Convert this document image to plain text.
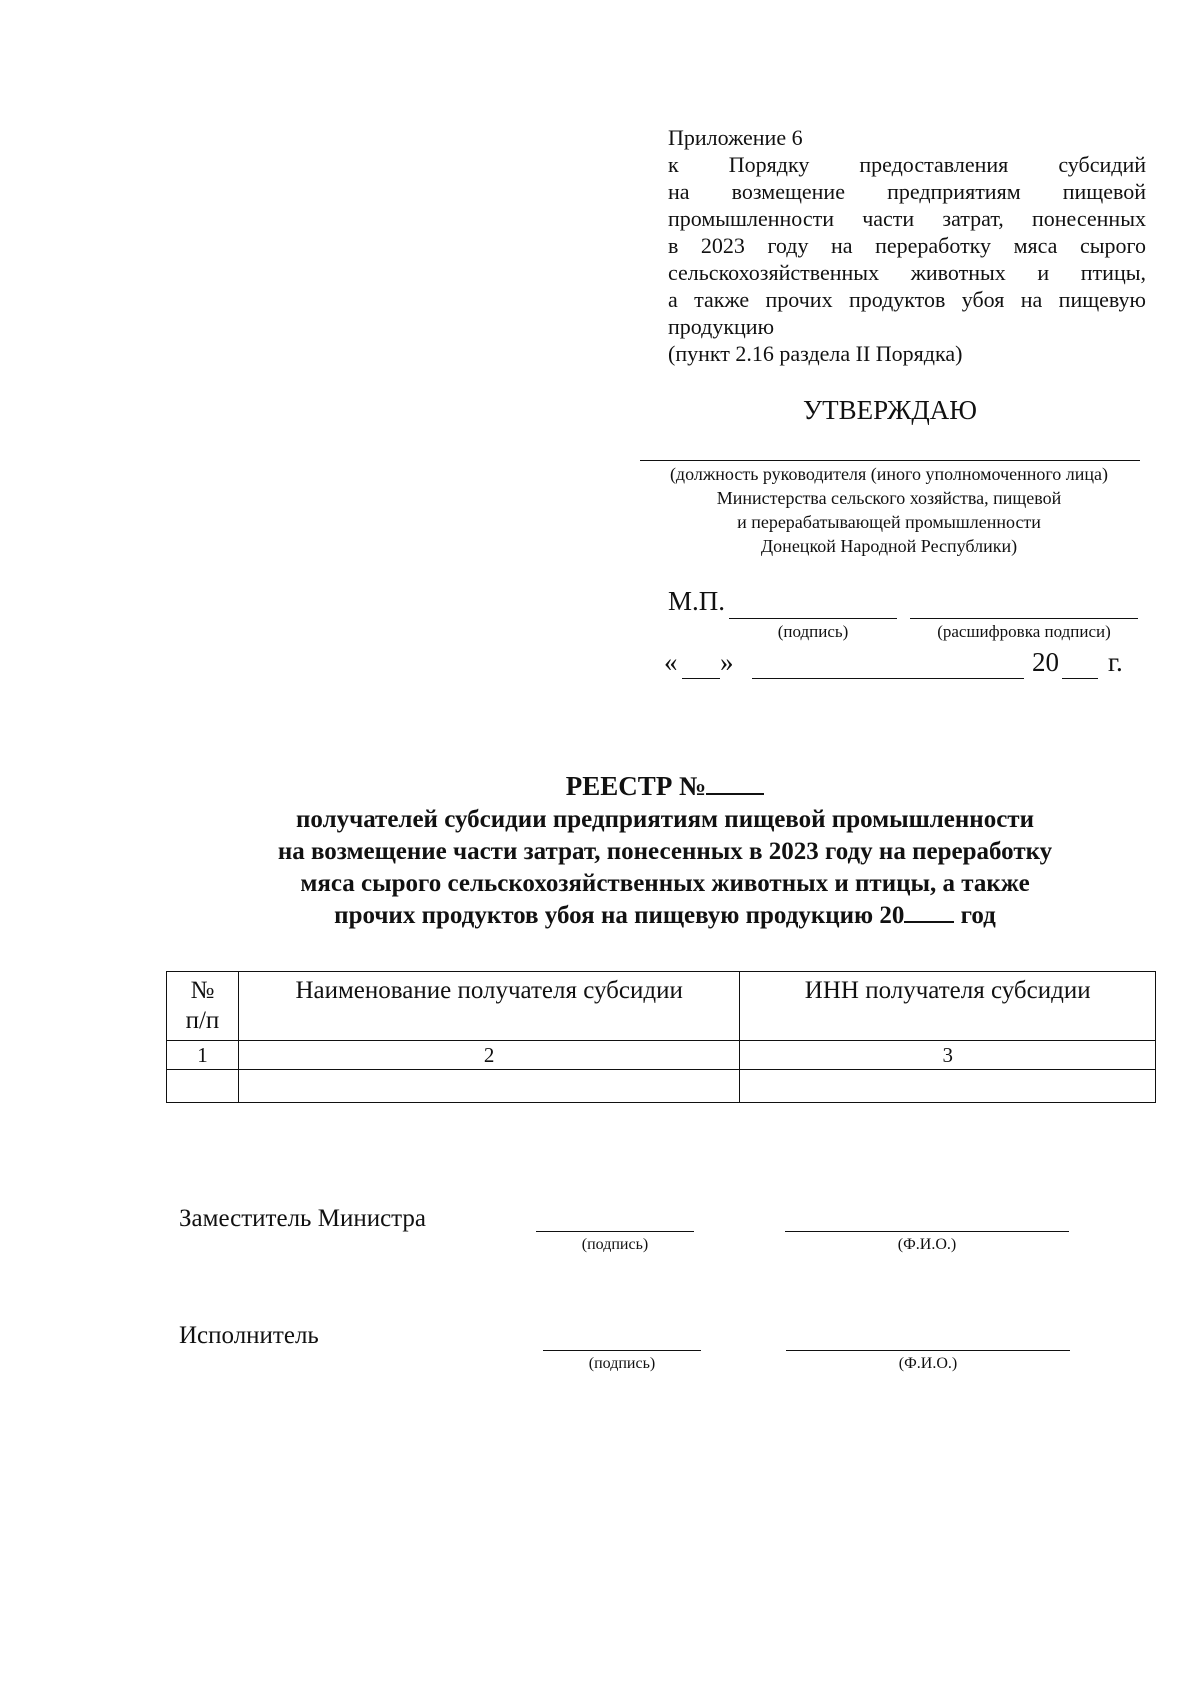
Приложение 6
к Порядку предоставления субсидий
на возмещение предприятиям пищевой
промышленности части затрат, понесенных
в 2023 году на переработку мяса сырого
сельскохозяйственных животных и птицы,
а также прочих продуктов убоя на пищевую
продукцию
(пункт 2.16 раздела II Порядка)
УТВЕРЖДАЮ
(должность руководителя (иного уполномоченного лица)
Министерства сельского хозяйства, пищевой
и перерабатывающей промышленности
Донецкой Народной Республики)
М.П.
(подпись)	(расшифровка подписи)
« »	20 г.
РЕЕСТР №
получателей субсидии предприятиям пищевой промышленности
на возмещение части затрат, понесенных в 2023 году на переработку
мяса сырого сельскохозяйственных животных и птицы, а также
прочих продуктов убоя на пищевую продукцию 20 год
№
п/п	Наименование получателя субсидии	ИНН получателя субсидии
1	2	3

Заместитель Министра
(подпись)	(Ф.И.О.)
Исполнитель
(подпись)	(Ф.И.О.)
